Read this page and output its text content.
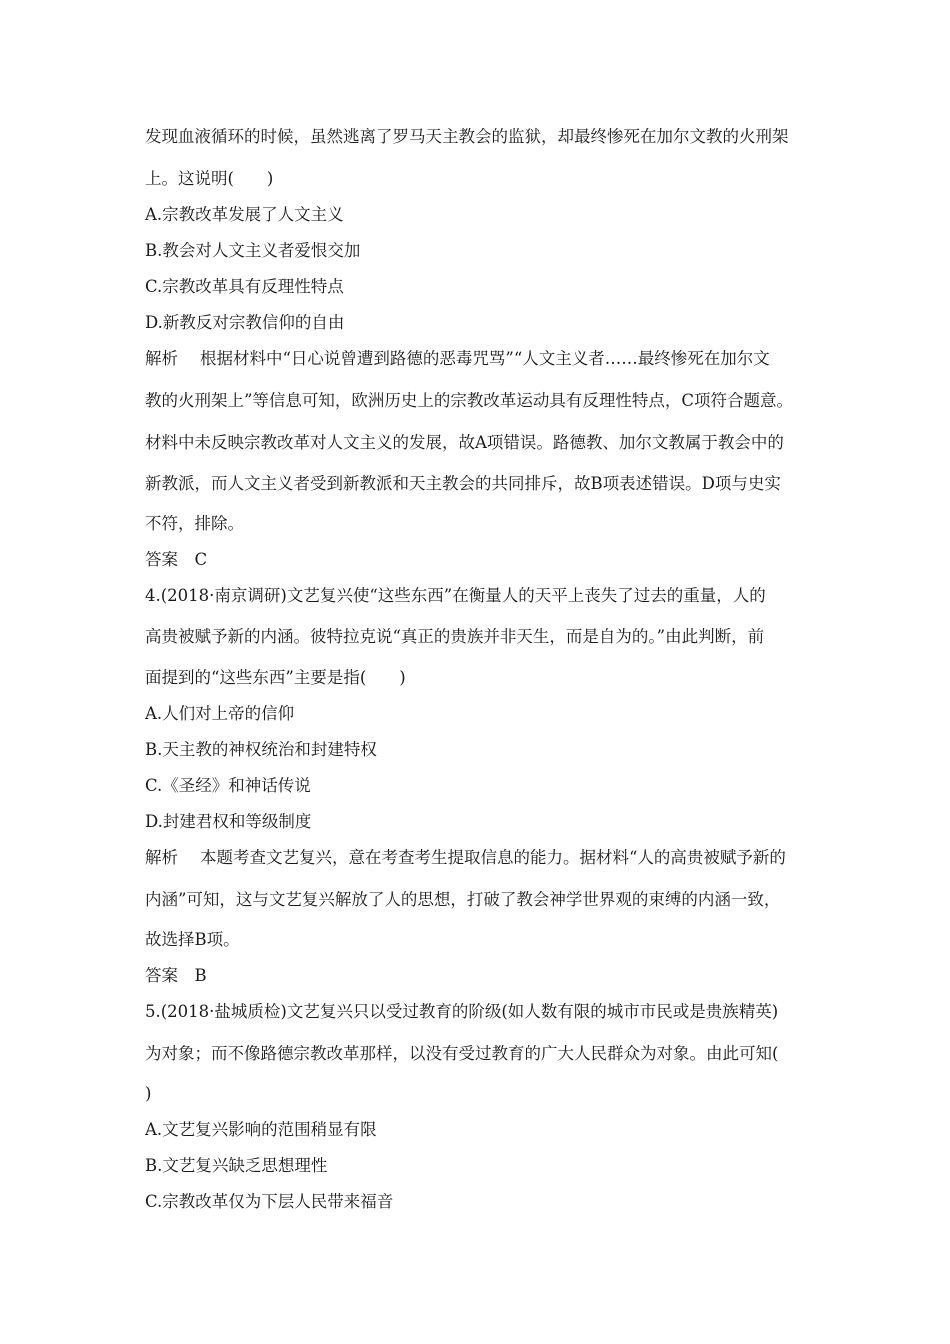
发现血液循环的时候，虽然逃离了罗马天主教会的监狱，却最终惨死在加尔文教的火刑架
上。这说明(　　)
A.宗教改革发展了人文主义
B.教会对人文主义者爱恨交加
C.宗教改革具有反理性特点
D.新教反对宗教信仰的自由
解析 根据材料中“日心说曾遭到路德的恶毒咒骂”“人文主义者……最终惨死在加尔文
教的火刑架上”等信息可知，欧洲历史上的宗教改革运动具有反理性特点，C项符合题意。
材料中未反映宗教改革对人文主义的发展，故A项错误。路德教、加尔文教属于教会中的
新教派，而人文主义者受到新教派和天主教会的共同排斥，故B项表述错误。D项与史实
不符，排除。
答案　C
4.(2018·南京调研)文艺复兴使“这些东西”在衡量人的天平上丧失了过去的重量，人的
高贵被赋予新的内涵。彼特拉克说“真正的贵族并非天生，而是自为的。”由此判断，前
面提到的“这些东西”主要是指(　　)
A.人们对上帝的信仰
B.天主教的神权统治和封建特权
C.《圣经》和神话传说
D.封建君权和等级制度
解析 本题考查文艺复兴，意在考查考生提取信息的能力。据材料“人的高贵被赋予新的
内涵”可知，这与文艺复兴解放了人的思想，打破了教会神学世界观的束缚的内涵一致，
故选择B项。
答案　B
5.(2018·盐城质检)文艺复兴只以受过教育的阶级(如人数有限的城市市民或是贵族精英)
为对象；而不像路德宗教改革那样，以没有受过教育的广大人民群众为对象。由此可知(
)
A.文艺复兴影响的范围稍显有限
B.文艺复兴缺乏思想理性
C.宗教改革仅为下层人民带来福音
